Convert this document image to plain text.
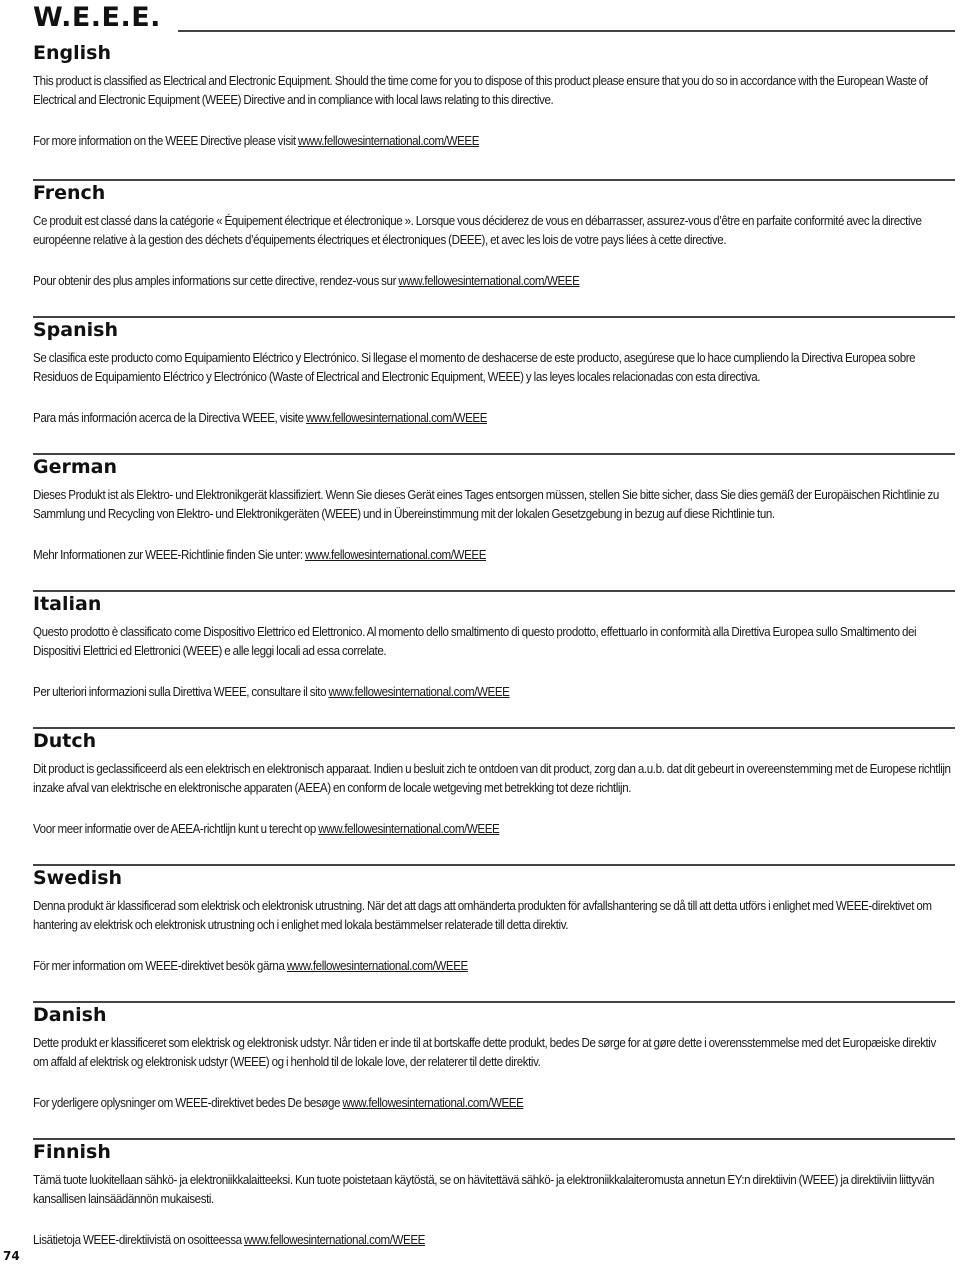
W.E.E.E.
English

This product is classified as Electrical and Electronic Equipment. Should the time come for you to dispose of this product please ensure that you do so in accordance with the European Waste of Electrical and Electronic Equipment (WEEE) Directive and in compliance with local laws relating to this directive.

For more information on the WEEE Directive please visit www.fellowesinternational.com/WEEE

French

Ce produit est classé dans la catégorie « Équipement électrique et électronique ». Lorsque vous déciderez de vous en débarrasser, assurez-vous d’être en parfaite conformité avec la directive européenne relative à la gestion des déchets d’équipements électriques et électroniques (DEEE), et avec les lois de votre pays liées à cette directive.

Pour obtenir des plus amples informations sur cette directive, rendez-vous sur www.fellowesinternational.com/WEEE

Spanish

Se clasifica este producto como Equipamiento Eléctrico y Electrónico. Si llegase el momento de deshacerse de este producto, asegúrese que lo hace cumpliendo la Directiva Europea sobre Residuos de Equipamiento Eléctrico y Electrónico (Waste of Electrical and Electronic Equipment, WEEE) y las leyes locales relacionadas con esta directiva.

Para más información acerca de la Directiva WEEE, visite www.fellowesinternational.com/WEEE

German

Dieses Produkt ist als Elektro- und Elektronikgerät klassifiziert. Wenn Sie dieses Gerät eines Tages entsorgen müssen, stellen Sie bitte sicher, dass Sie dies gemäß der Europäischen Richtlinie zu Sammlung und Recycling von Elektro- und Elektronikgeräten (WEEE) und in Übereinstimmung mit der lokalen Gesetzgebung in bezug auf diese Richtlinie tun.

Mehr Informationen zur WEEE-Richtlinie finden Sie unter: www.fellowesinternational.com/WEEE

Italian

Questo prodotto è classificato come Dispositivo Elettrico ed Elettronico. Al momento dello smaltimento di questo prodotto, effettuarlo in conformità alla Direttiva Europea sullo Smaltimento dei Dispositivi Elettrici ed Elettronici (WEEE) e alle leggi locali ad essa correlate.

Per ulteriori informazioni sulla Direttiva WEEE, consultare il sito www.fellowesinternational.com/WEEE

Dutch

Dit product is geclassificeerd als een elektrisch en elektronisch apparaat. Indien u besluit zich te ontdoen van dit product, zorg dan a.u.b. dat dit gebeurt in overeenstemming met de Europese richtlijn inzake afval van elektrische en elektronische apparaten (AEEA) en conform de locale wetgeving met betrekking tot deze richtlijn.

Voor meer informatie over de AEEA-richtlijn kunt u terecht op www.fellowesinternational.com/WEEE

Swedish

Denna produkt är klassificerad som elektrisk och elektronisk utrustning. När det att dags att omhänderta produkten för avfallshantering se då till att detta utförs i enlighet med WEEE-direktivet om hantering av elektrisk och elektronisk utrustning och i enlighet med lokala bestämmelser relaterade till detta direktiv.

För mer information om WEEE-direktivet besök gärna www.fellowesinternational.com/WEEE

Danish

Dette produkt er klassificeret som elektrisk og elektronisk udstyr. Når tiden er inde til at bortskaffe dette produkt, bedes De sørge for at gøre dette i overensstemmelse med det Europæiske direktiv om affald af elektrisk og elektronisk udstyr (WEEE) og i henhold til de lokale love, der relaterer til dette direktiv.

For yderligere oplysninger om WEEE-direktivet bedes De besøge www.fellowesinternational.com/WEEE

Finnish

Tämä tuote luokitellaan sähkö- ja elektroniikkalaitteeksi. Kun tuote poistetaan käytöstä, se on hävitettävä sähkö- ja elektroniikkalaiteromusta annetun EY:n direktiivin (WEEE) ja direktiiviin liittyvän kansallisen lainsäädännön mukaisesti.

Lisätietoja WEEE-direktiivistä on osoitteessa www.fellowesinternational.com/WEEE

74
